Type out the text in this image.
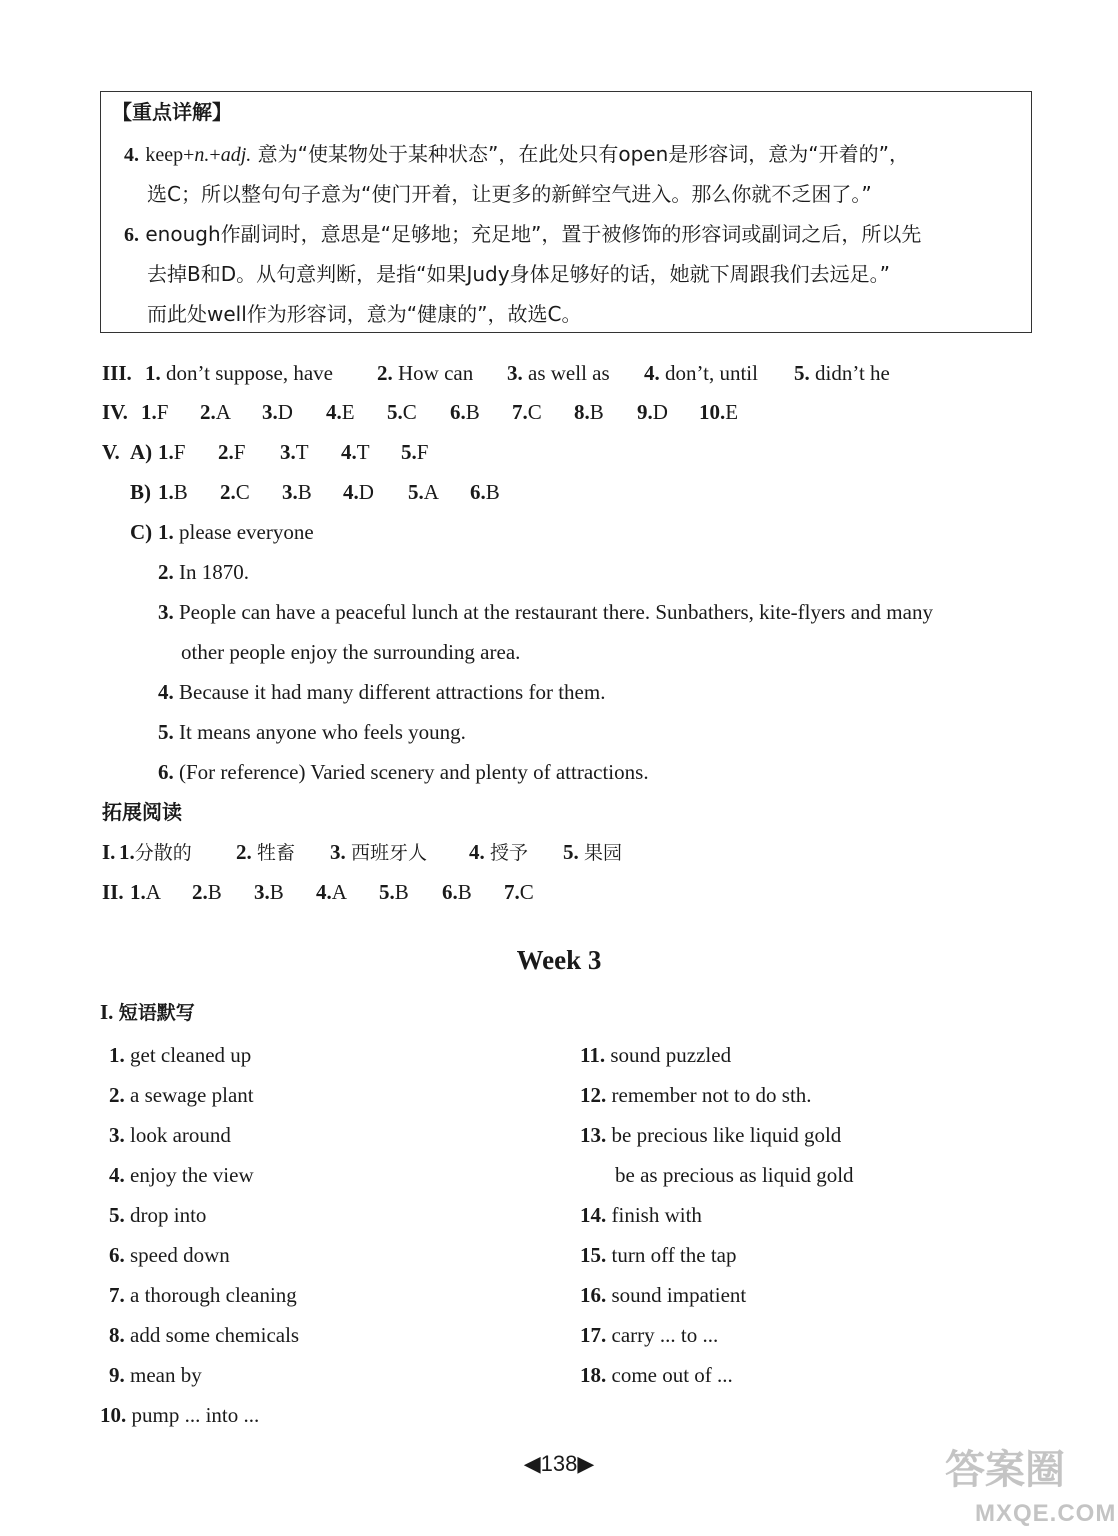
【重点详解】
4. keep+n.+adj. 意为“使某物处于某种状态”，在此处只有open是形容词，意为“开着的”，
选C；所以整句句子意为“使门开着，让更多的新鲜空气进入。那么你就不乏困了。”
6. enough作副词时，意思是“足够地；充足地”，置于被修饰的形容词或副词之后，所以先
去掉B和D。从句意判断，是指“如果Judy身体足够好的话，她就下周跟我们去远足。”
而此处well作为形容词，意为“健康的”，故选C。
III. 1. don’t suppose, have 2. How can 3. as well as 4. don’t, until 5. didn’t he
IV. 1.F 2.A 3.D 4.E 5.C 6.B 7.C 8.B 9.D 10.E
V. A) 1.F 2.F 3.T 4.T 5.F
B) 1.B 2.C 3.B 4.D 5.A 6.B
C) 1. please everyone
2. In 1870.
3. People can have a peaceful lunch at the restaurant there. Sunbathers, kite-flyers and many
other people enjoy the surrounding area.
4. Because it had many different attractions for them.
5. It means anyone who feels young.
6. (For reference) Varied scenery and plenty of attractions.
拓展阅读
I. 1.分散的 2. 牲畜 3. 西班牙人 4. 授予 5. 果园
II. 1.A 2.B 3.B 4.A 5.B 6.B 7.C
Week 3
I. 短语默写
1. get cleaned up
2. a sewage plant
3. look around
4. enjoy the view
5. drop into
6. speed down
7. a thorough cleaning
8. add some chemicals
9. mean by
10. pump ... into ...
11. sound puzzled
12. remember not to do sth.
13. be precious like liquid gold
be as precious as liquid gold
14. finish with
15. turn off the tap
16. sound impatient
17. carry ... to ...
18. come out of ...
◀138▶	答案圈
MXQE.COM
